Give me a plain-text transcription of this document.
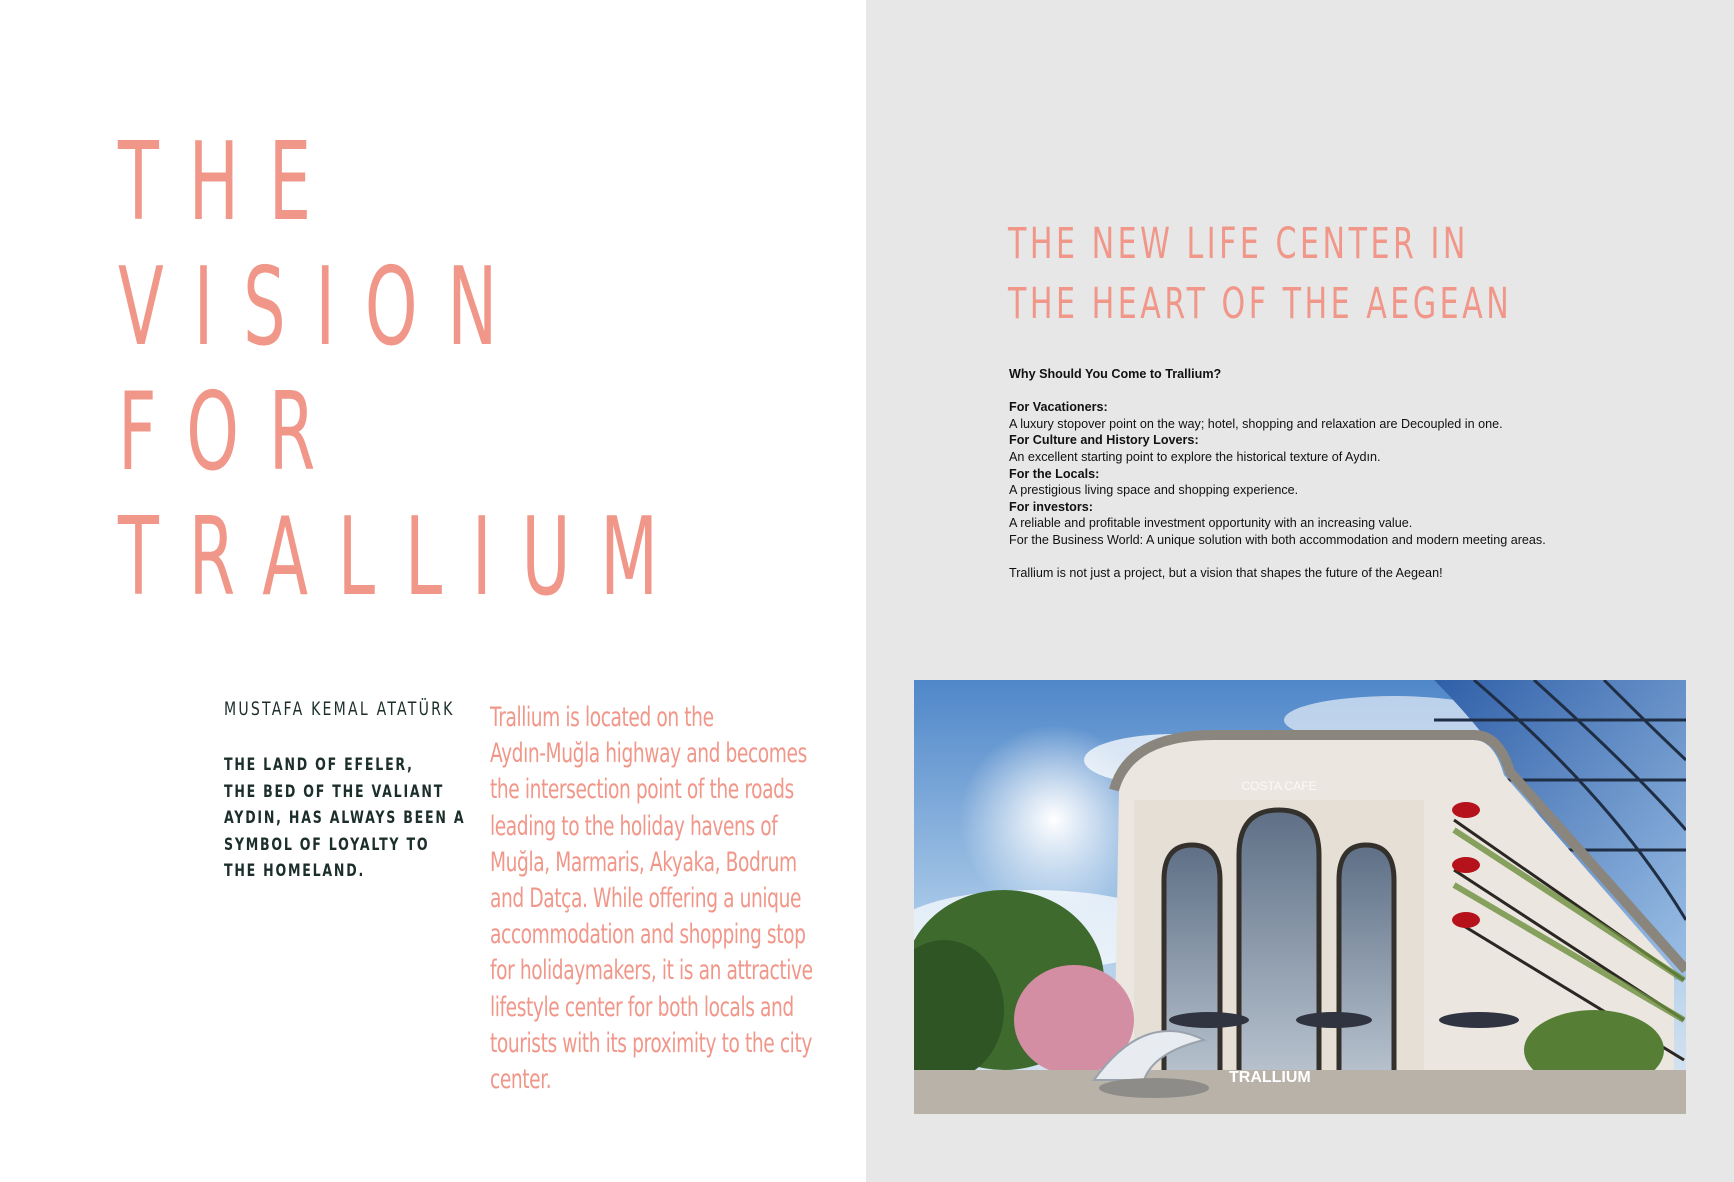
THE
VISION
FOR
TRALLIUM
MUSTAFA KEMAL ATATÜRK
THE LAND OF EFELER,
THE BED OF THE VALIANT
AYDIN, HAS ALWAYS BEEN A
SYMBOL OF LOYALTY TO
THE HOMELAND.
Trallium is located on the
Aydın-Muğla highway and becomes
the intersection point of the roads
leading to the holiday havens of
Muğla, Marmaris, Akyaka, Bodrum
and Datça. While offering a unique
accommodation and shopping stop
for holidaymakers, it is an attractive
lifestyle center for both locals and
tourists with its proximity to the city
center.
THE NEW LIFE CENTER IN
THE HEART OF THE AEGEAN
Why Should You Come to Trallium?
For Vacationers:
A luxury stopover point on the way; hotel, shopping and relaxation are Decoupled in one.
For Culture and History Lovers:
An excellent starting point to explore the historical texture of Aydın.
For the Locals:
A prestigious living space and shopping experience.
For investors:
A reliable and profitable investment opportunity with an increasing value.
For the Business World: A unique solution with both accommodation and modern meeting areas.
Trallium is not just a project, but a vision that shapes the future of the Aegean!
COSTA CAFE
TRALLIUM
